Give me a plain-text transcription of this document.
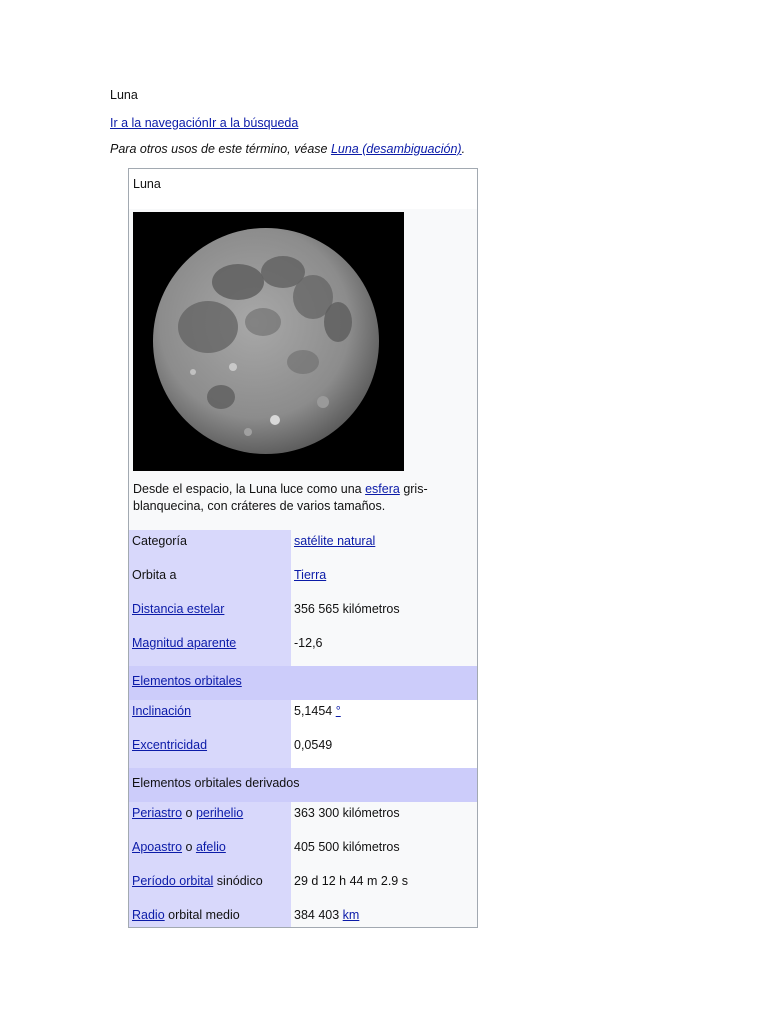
Luna
Ir a la navegaciónIr a la búsqueda
Para otros usos de este término, véase Luna (desambiguación).
Luna
Desde el espacio, la Luna luce como una esfera gris-blanquecina, con cráteres de varios tamaños.
Categoría	satélite natural
Orbita a	Tierra
Distancia estelar	356 565 kilómetros
Magnitud aparente	-12,6
Elementos orbitales
Inclinación	5,1454 °
Excentricidad	0,0549
Elementos orbitales derivados
Periastro o perihelio	363 300 kilómetros
Apoastro o afelio	405 500 kilómetros
Período orbital sinódico	29 d 12 h 44 m 2.9 s
Radio orbital medio	384 403 km
